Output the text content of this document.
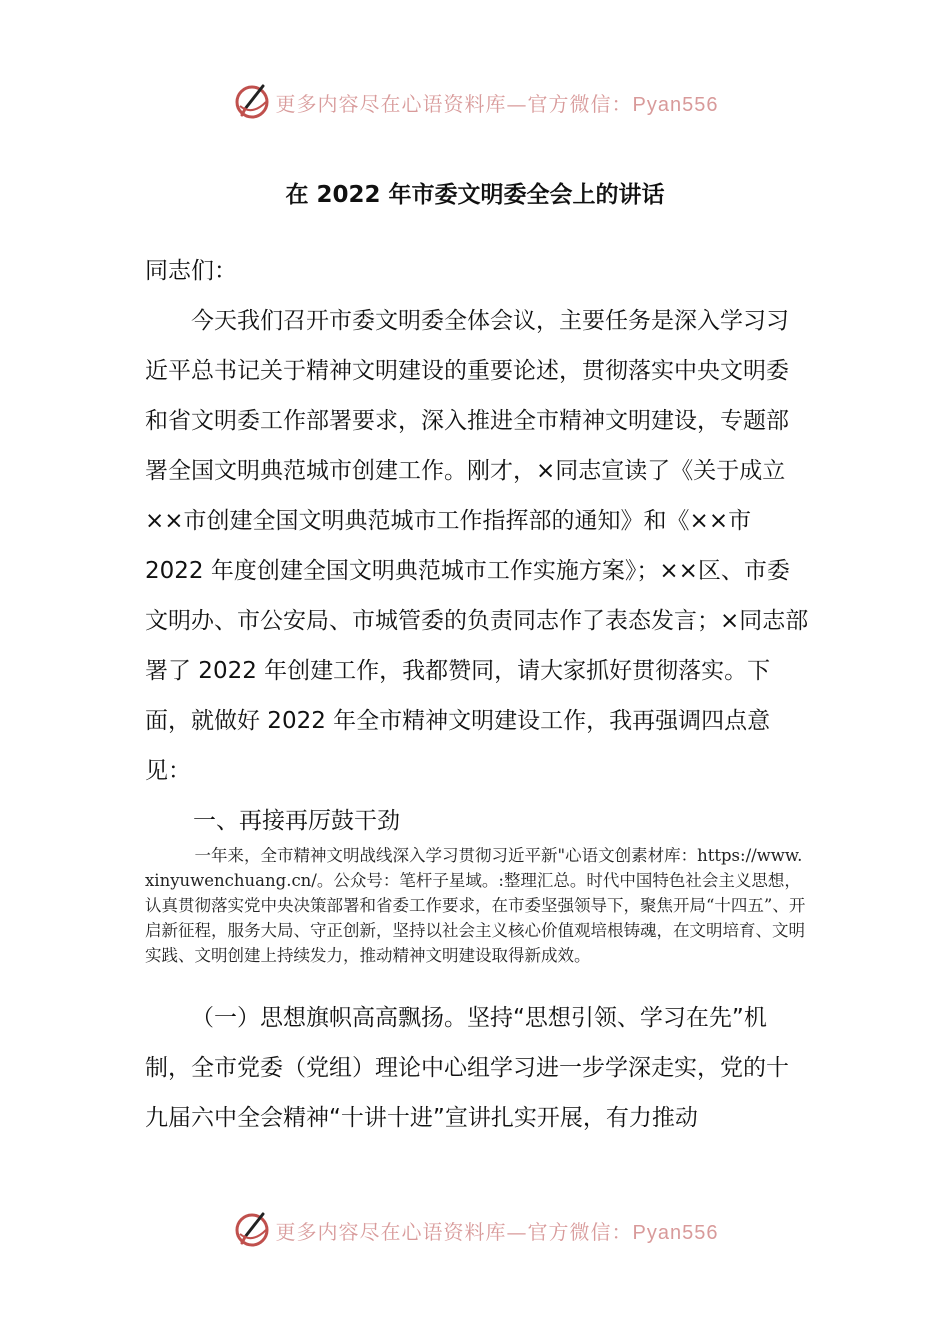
更多内容尽在心语资料库—官方微信：Pyan556
在 2022 年市委文明委全会上的讲话

同志们：

今天我们召开市委文明委全体会议，主要任务是深入学习习近平总书记关于精神文明建设的重要论述，贯彻落实中央文明委和省文明委工作部署要求，深入推进全市精神文明建设，专题部署全国文明典范城市创建工作。刚才，×同志宣读了《关于成立××市创建全国文明典范城市工作指挥部的通知》和《××市 2022 年度创建全国文明典范城市工作实施方案》；××区、市委文明办、市公安局、市城管委的负责同志作了表态发言；×同志部署了 2022 年创建工作，我都赞同，请大家抓好贯彻落实。下面，就做好 2022 年全市精神文明建设工作，我再强调四点意见：

一、再接再厉鼓干劲

一年来，全市精神文明战线深入学习贯彻习近平新"心语文创素材库：https://www.xinyuwenchuang.cn/。公众号：笔杆子星域。:整理汇总。时代中国特色社会主义思想，认真贯彻落实党中央决策部署和省委工作要求，在市委坚强领导下，聚焦开局“十四五”、开启新征程，服务大局、守正创新，坚持以社会主义核心价值观培根铸魂，在文明培育、文明实践、文明创建上持续发力，推动精神文明建设取得新成效。

（一）思想旗帜高高飘扬。坚持“思想引领、学习在先”机制，全市党委（党组）理论中心组学习进一步学深走实，党的十九届六中全会精神“十讲十进”宣讲扎实开展，有力推动

更多内容尽在心语资料库—官方微信：Pyan556
